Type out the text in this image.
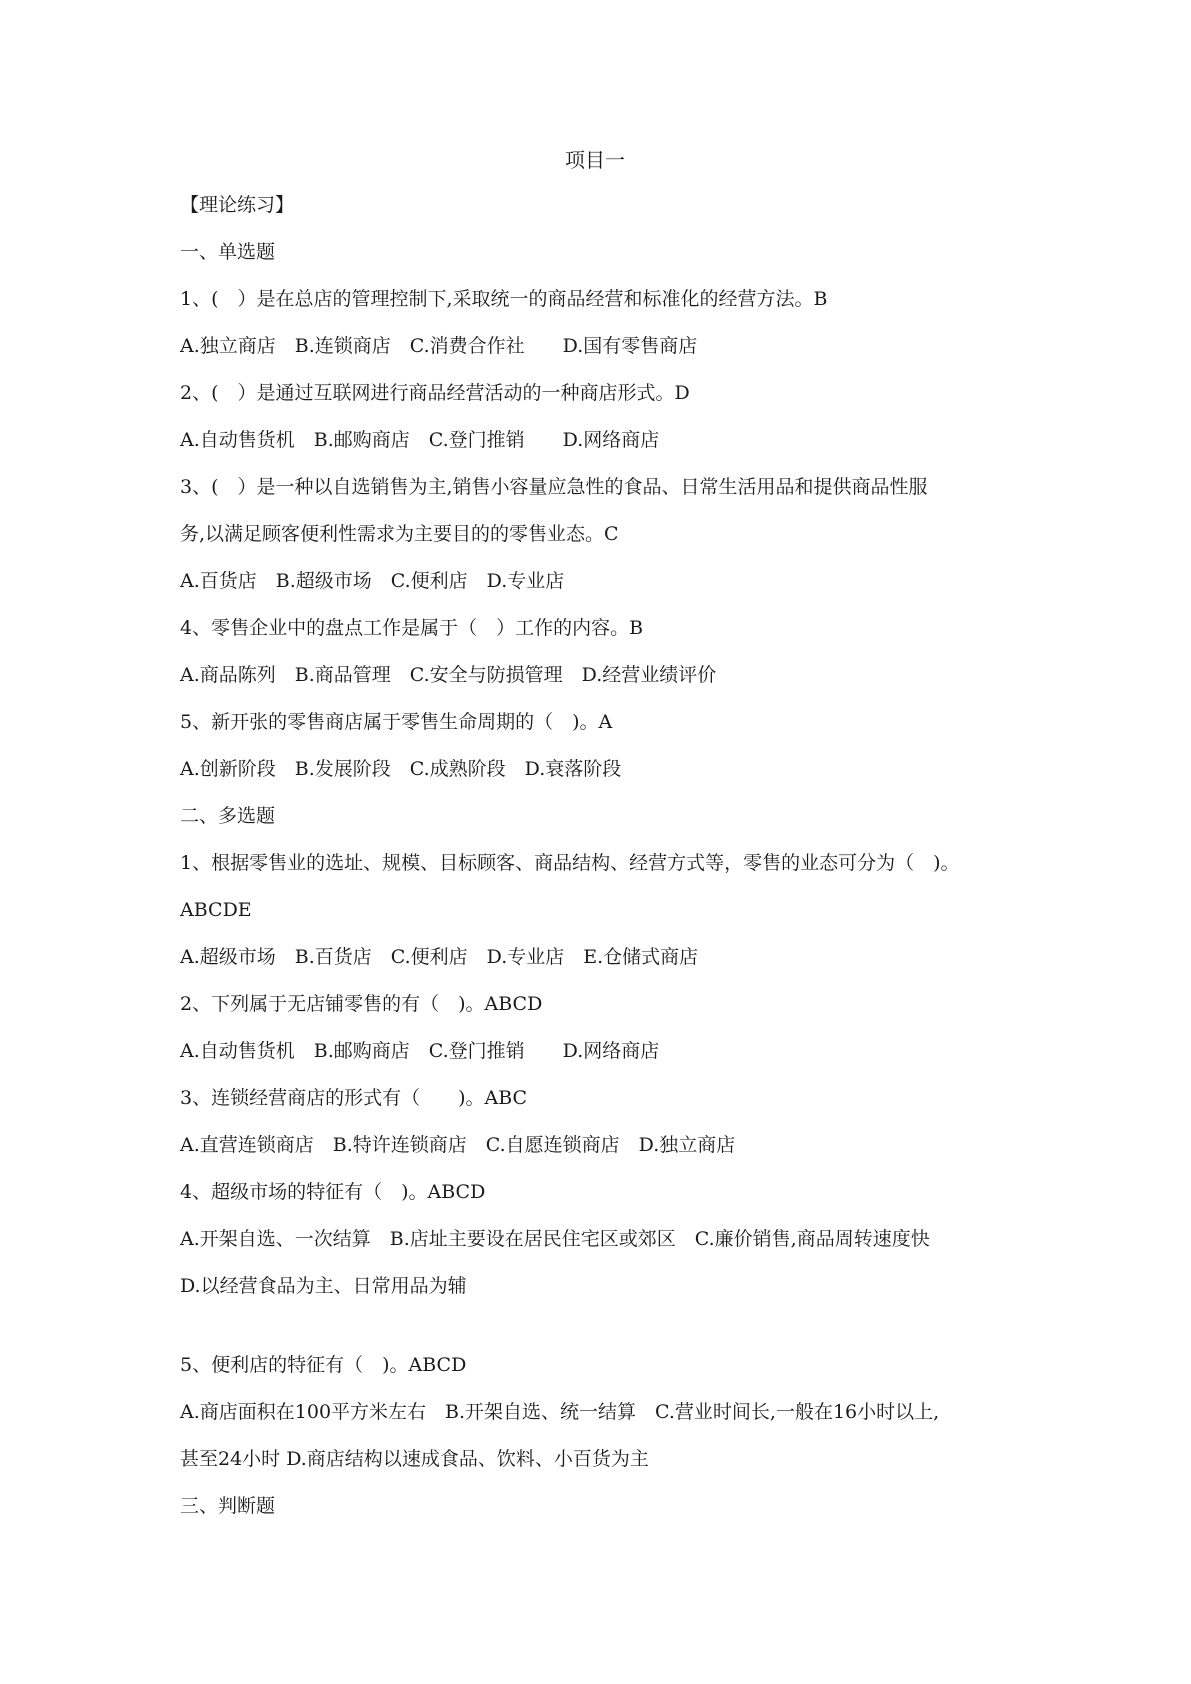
项目一
【理论练习】
一、单选题
1、(　）是在总店的管理控制下,采取统一的商品经营和标准化的经营方法。B
A.独立商店　B.连锁商店　C.消费合作社　　D.国有零售商店
2、(　）是通过互联网进行商品经营活动的一种商店形式。D
A.自动售货机　B.邮购商店　C.登门推销　　D.网络商店
3、(　）是一种以自选销售为主,销售小容量应急性的食品、日常生活用品和提供商品性服
务,以满足顾客便利性需求为主要目的的零售业态。C
A.百货店　B.超级市场　C.便利店　D.专业店
4、零售企业中的盘点工作是属于（　）工作的内容。B
A.商品陈列　B.商品管理　C.安全与防损管理　D.经营业绩评价
5、新开张的零售商店属于零售生命周期的（　)。A
A.创新阶段　B.发展阶段　C.成熟阶段　D.衰落阶段
二、多选题
1、根据零售业的选址、规模、目标顾客、商品结构、经营方式等，零售的业态可分为（　)。
ABCDE
A.超级市场　B.百货店　C.便利店　D.专业店　E.仓储式商店
2、下列属于无店铺零售的有（　)。ABCD
A.自动售货机　B.邮购商店　C.登门推销　　D.网络商店
3、连锁经营商店的形式有（　　)。ABC
A.直营连锁商店　B.特许连锁商店　C.自愿连锁商店　D.独立商店
4、超级市场的特征有（　)。ABCD
A.开架自选、一次结算　B.店址主要设在居民住宅区或郊区　C.廉价销售,商品周转速度快
D.以经营食品为主、日常用品为辅
5、便利店的特征有（　)。ABCD
A.商店面积在100平方米左右　B.开架自选、统一结算　C.营业时间长,一般在16小时以上,
甚至24小时 D.商店结构以速成食品、饮料、小百货为主
三、判断题
